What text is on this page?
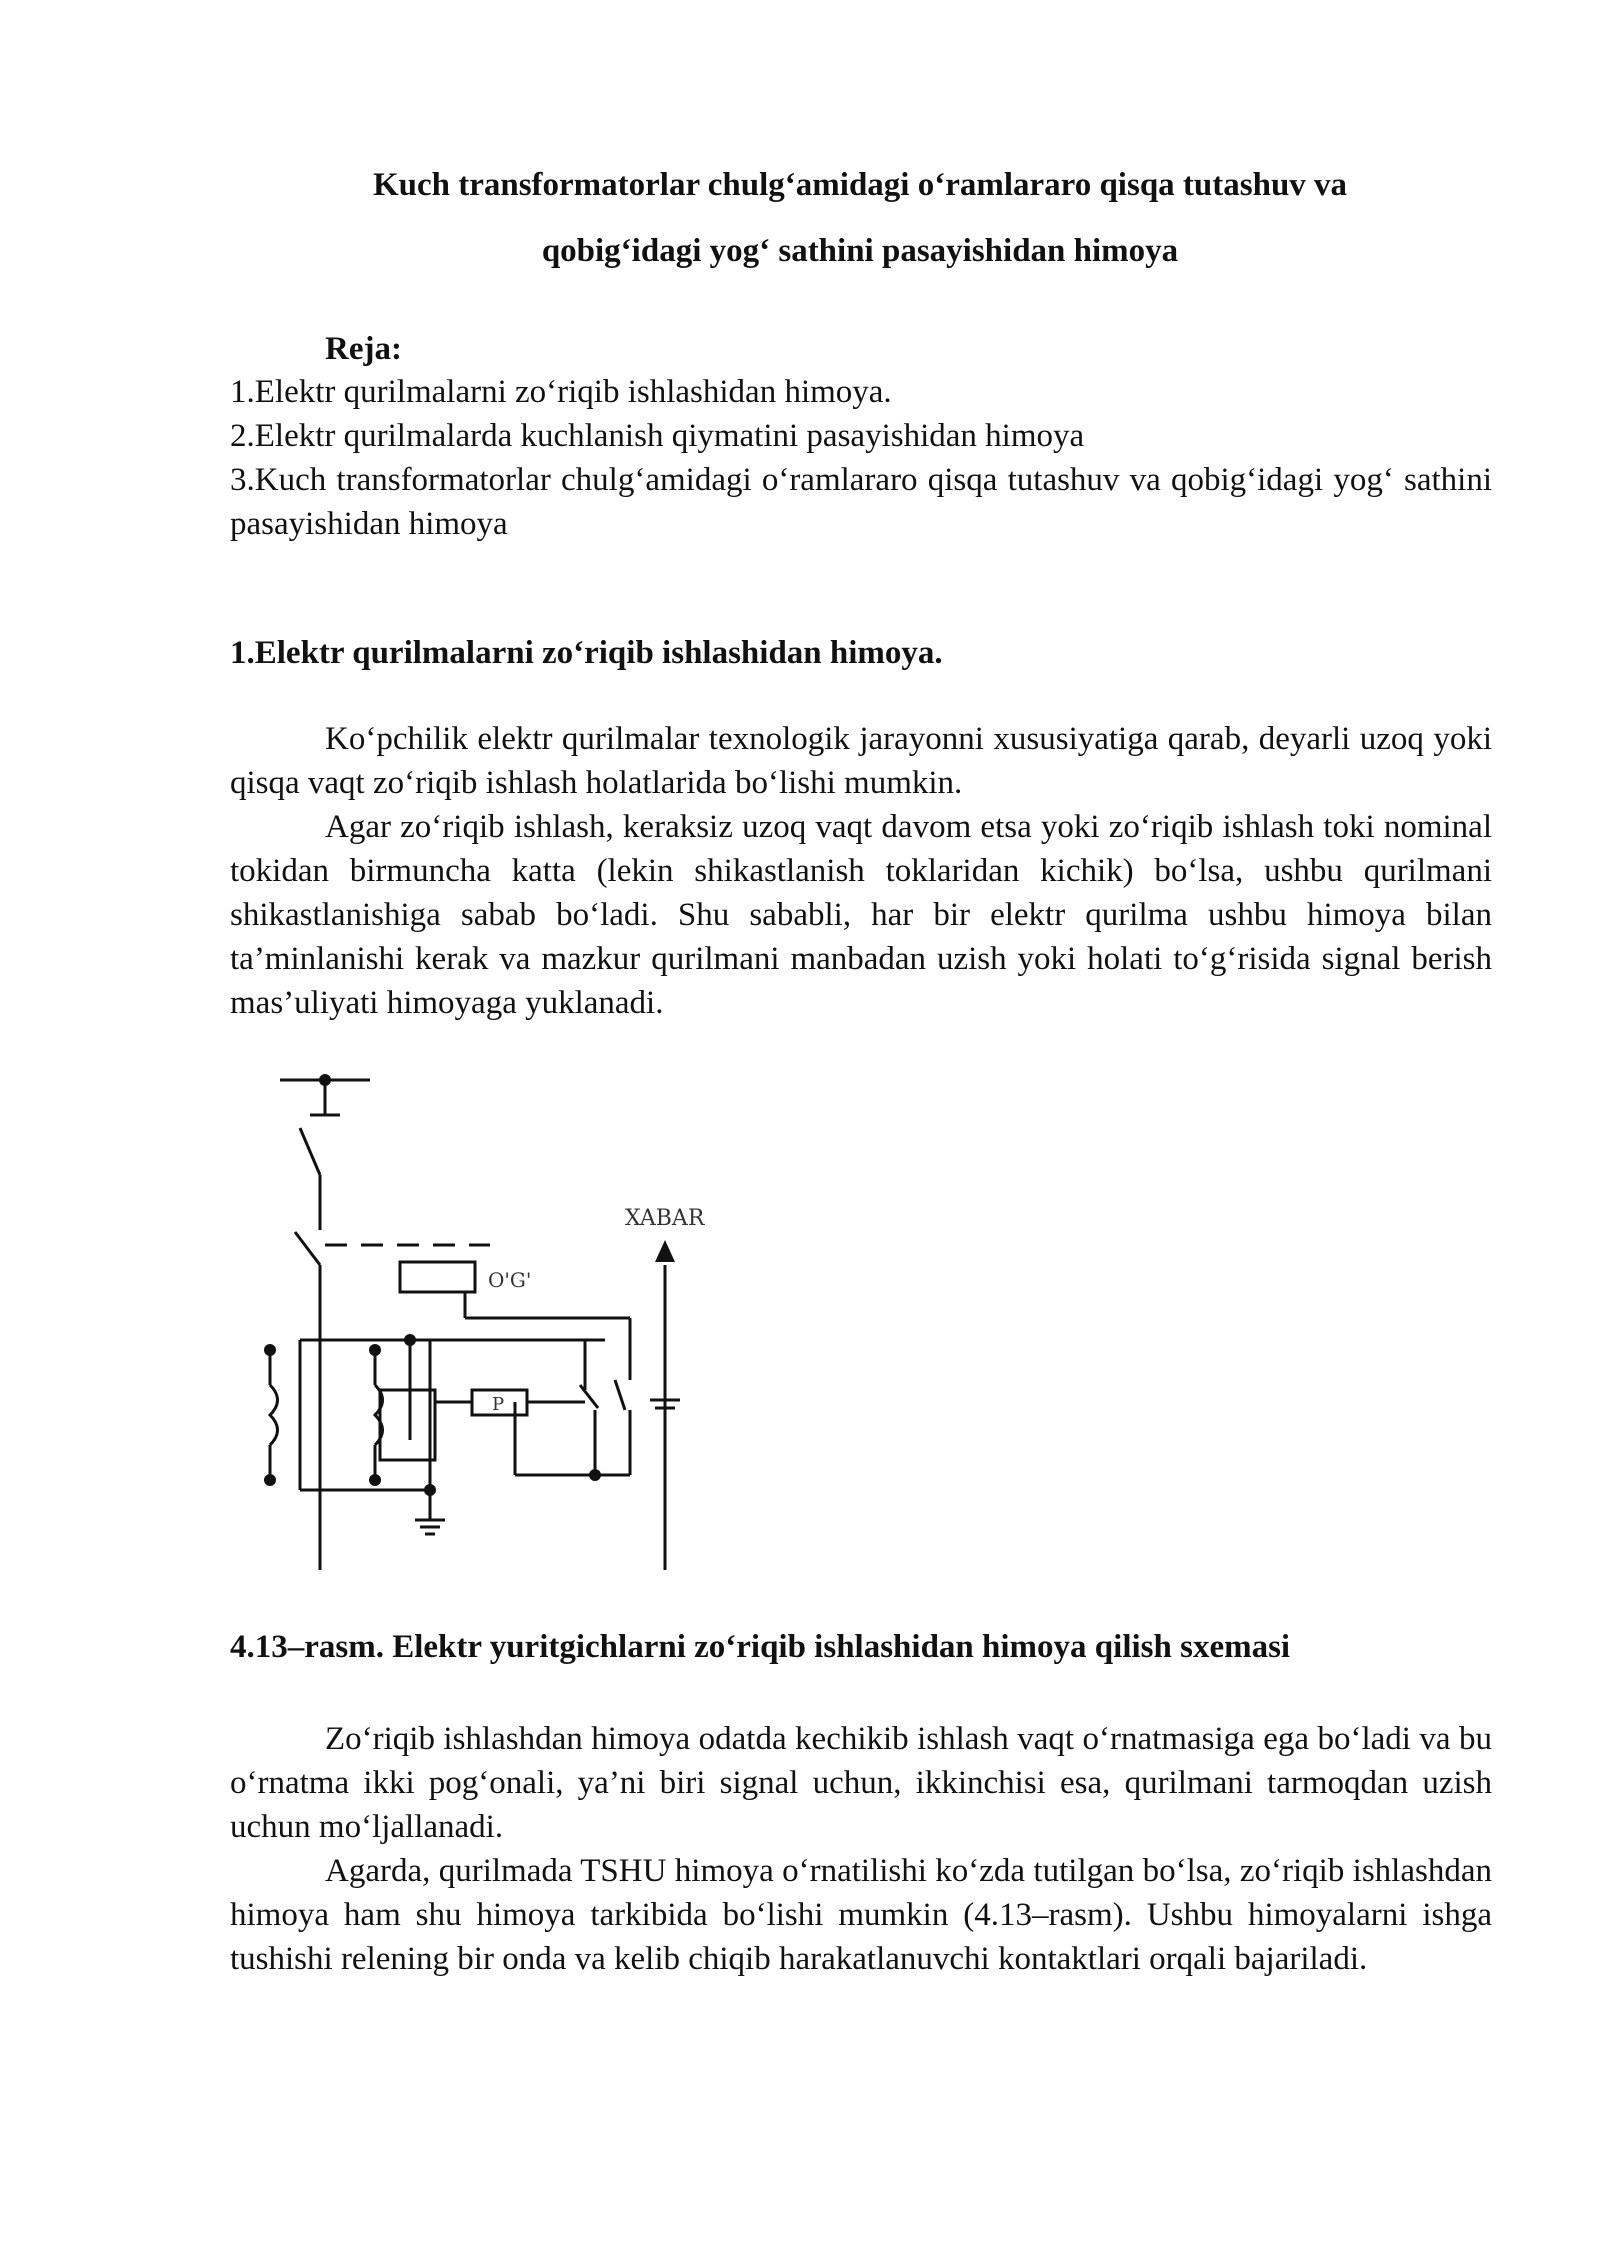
Kuch transformatorlar chulg‘amidagi o‘ramlararo qisqa tutashuv va
qobig‘idagi yog‘ sathini pasayishidan himoya
Reja:
1.Elektr qurilmalarni zo‘riqib ishlashidan himoya.
2.Elektr qurilmalarda kuchlanish qiymatini pasayishidan himoya
3.Kuch transformatorlar chulg‘amidagi o‘ramlararo qisqa tutashuv va qobig‘idagi yog‘ sathini pasayishidan himoya
1.Elektr qurilmalarni zo‘riqib ishlashidan himoya.

Ko‘pchilik elektr qurilmalar texnologik jarayonni xususiyatiga qarab, deyarli uzoq yoki qisqa vaqt zo‘riqib ishlash holatlarida bo‘lishi mumkin.

Agar zo‘riqib ishlash, keraksiz uzoq vaqt davom etsa yoki zo‘riqib ishlash toki nominal tokidan birmuncha katta (lekin shikastlanish toklaridan kichik) bo‘lsa, ushbu qurilmani shikastlanishiga sabab bo‘ladi. Shu sababli, har bir elektr qurilma ushbu himoya bilan ta’minlanishi kerak va mazkur qurilmani manbadan uzish yoki holati to‘g‘risida signal berish mas’uliyati himoyaga yuklanadi.

XABAR
O'G'
P
4.13–rasm. Elektr yuritgichlarni zo‘riqib ishlashidan himoya qilish sxemasi

Zo‘riqib ishlashdan himoya odatda kechikib ishlash vaqt o‘rnatmasiga ega bo‘ladi va bu o‘rnatma ikki pog‘onali, ya’ni biri signal uchun, ikkinchisi esa, qurilmani tarmoqdan uzish uchun mo‘ljallanadi.

Agarda, qurilmada TSHU himoya o‘rnatilishi ko‘zda tutilgan bo‘lsa, zo‘riqib ishlashdan himoya ham shu himoya tarkibida bo‘lishi mumkin (4.13–rasm). Ushbu himoyalarni ishga tushishi relening bir onda va kelib chiqib harakatlanuvchi kontaktlari orqali bajariladi.
